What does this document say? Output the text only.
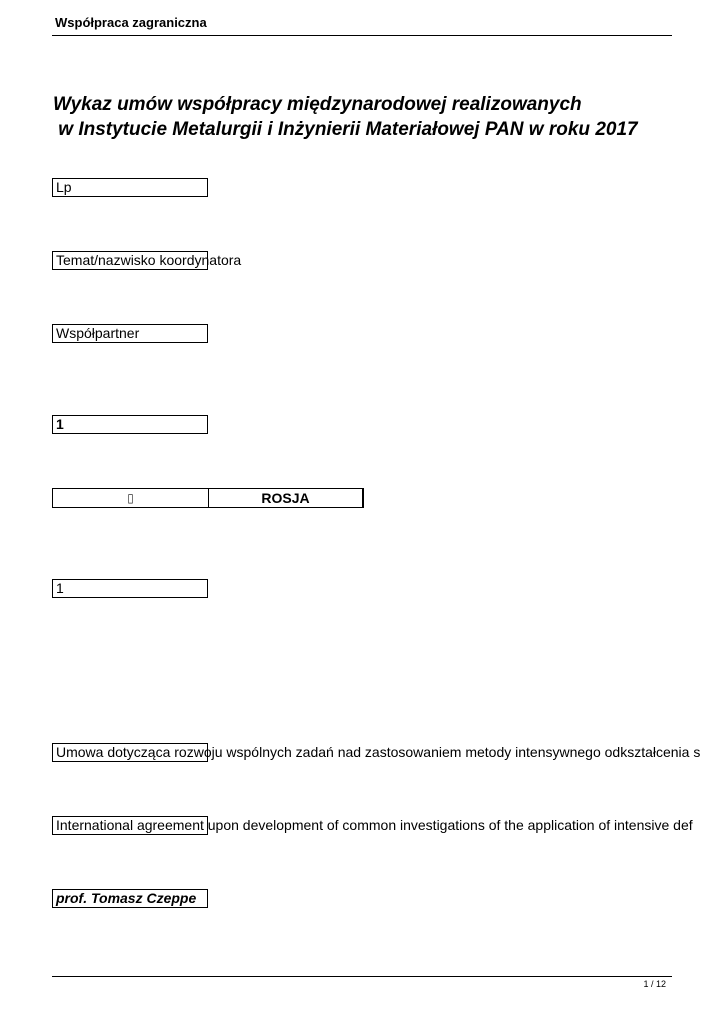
Współpraca zagraniczna
Wykaz umów współpracy międzynarodowej realizowanych
w Instytucie Metalurgii i Inżynierii Materiałowej PAN w roku 2017
Lp
Temat/nazwisko koordynatora
Współpartner
1
▯	ROSJA
1
Umowa dotycząca rozwoju wspólnych zadań nad zastosowaniem metody intensywnego odkształcenia s
International agreement upon development of common investigations of the application of intensive def
prof. Tomasz Czeppe
1 / 12
